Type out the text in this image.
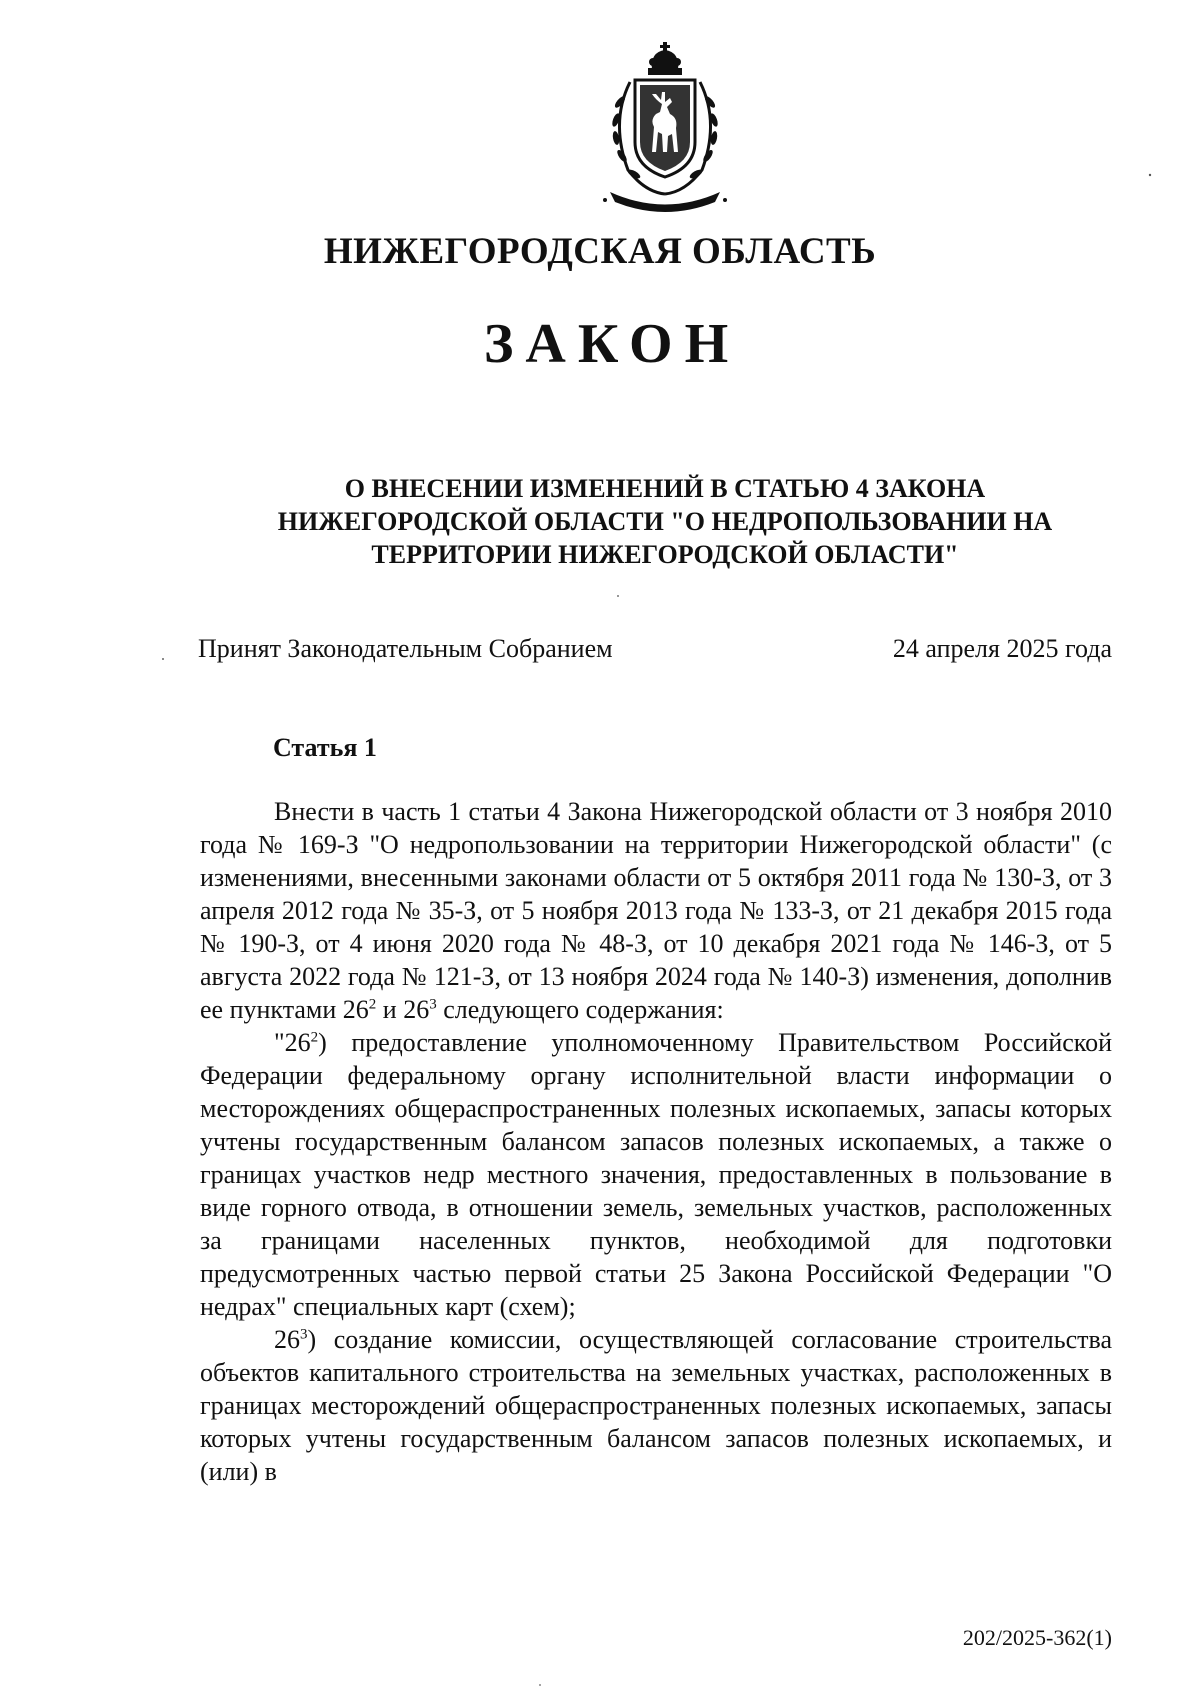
НИЖЕГОРОДСКАЯ ОБЛАСТЬ
ЗАКОН
О ВНЕСЕНИИ ИЗМЕНЕНИЙ В СТАТЬЮ 4 ЗАКОНА
НИЖЕГОРОДСКОЙ ОБЛАСТИ "О НЕДРОПОЛЬЗОВАНИИ НА
ТЕРРИТОРИИ НИЖЕГОРОДСКОЙ ОБЛАСТИ"
Принят Законодательным Собранием	24 апреля 2025 года
Статья 1

Внести в часть 1 статьи 4 Закона Нижегородской области от 3 ноября 2010 года № 169-З "О недропользовании на территории Нижегородской области" (с изменениями, внесенными законами области от 5 октября 2011 года № 130-З, от 3 апреля 2012 года № 35-З, от 5 ноября 2013 года № 133-З, от 21 декабря 2015 года № 190-З, от 4 июня 2020 года № 48-З, от 10 декабря 2021 года № 146-З, от 5 августа 2022 года № 121-З, от 13 ноября 2024 года № 140-З) изменения, дополнив ее пунктами $26^2$ и $26^3$ следующего содержания:

"$26^2$) предоставление уполномоченному Правительством Российской Федерации федеральному органу исполнительной власти информации о месторождениях общераспространенных полезных ископаемых, запасы которых учтены государственным балансом запасов полезных ископаемых, а также о границах участков недр местного значения, предоставленных в пользование в виде горного отвода, в отношении земель, земельных участков, расположенных за границами населенных пунктов, необходимой для подготовки предусмотренных частью первой статьи 25 Закона Российской Федерации "О недрах" специальных карт (схем);

$26^3$) создание комиссии, осуществляющей согласование строительства объектов капитального строительства на земельных участках, расположенных в границах месторождений общераспространенных полезных ископаемых, запасы которых учтены государственным балансом запасов полезных ископаемых, и (или) в

202/2025-362(1)
